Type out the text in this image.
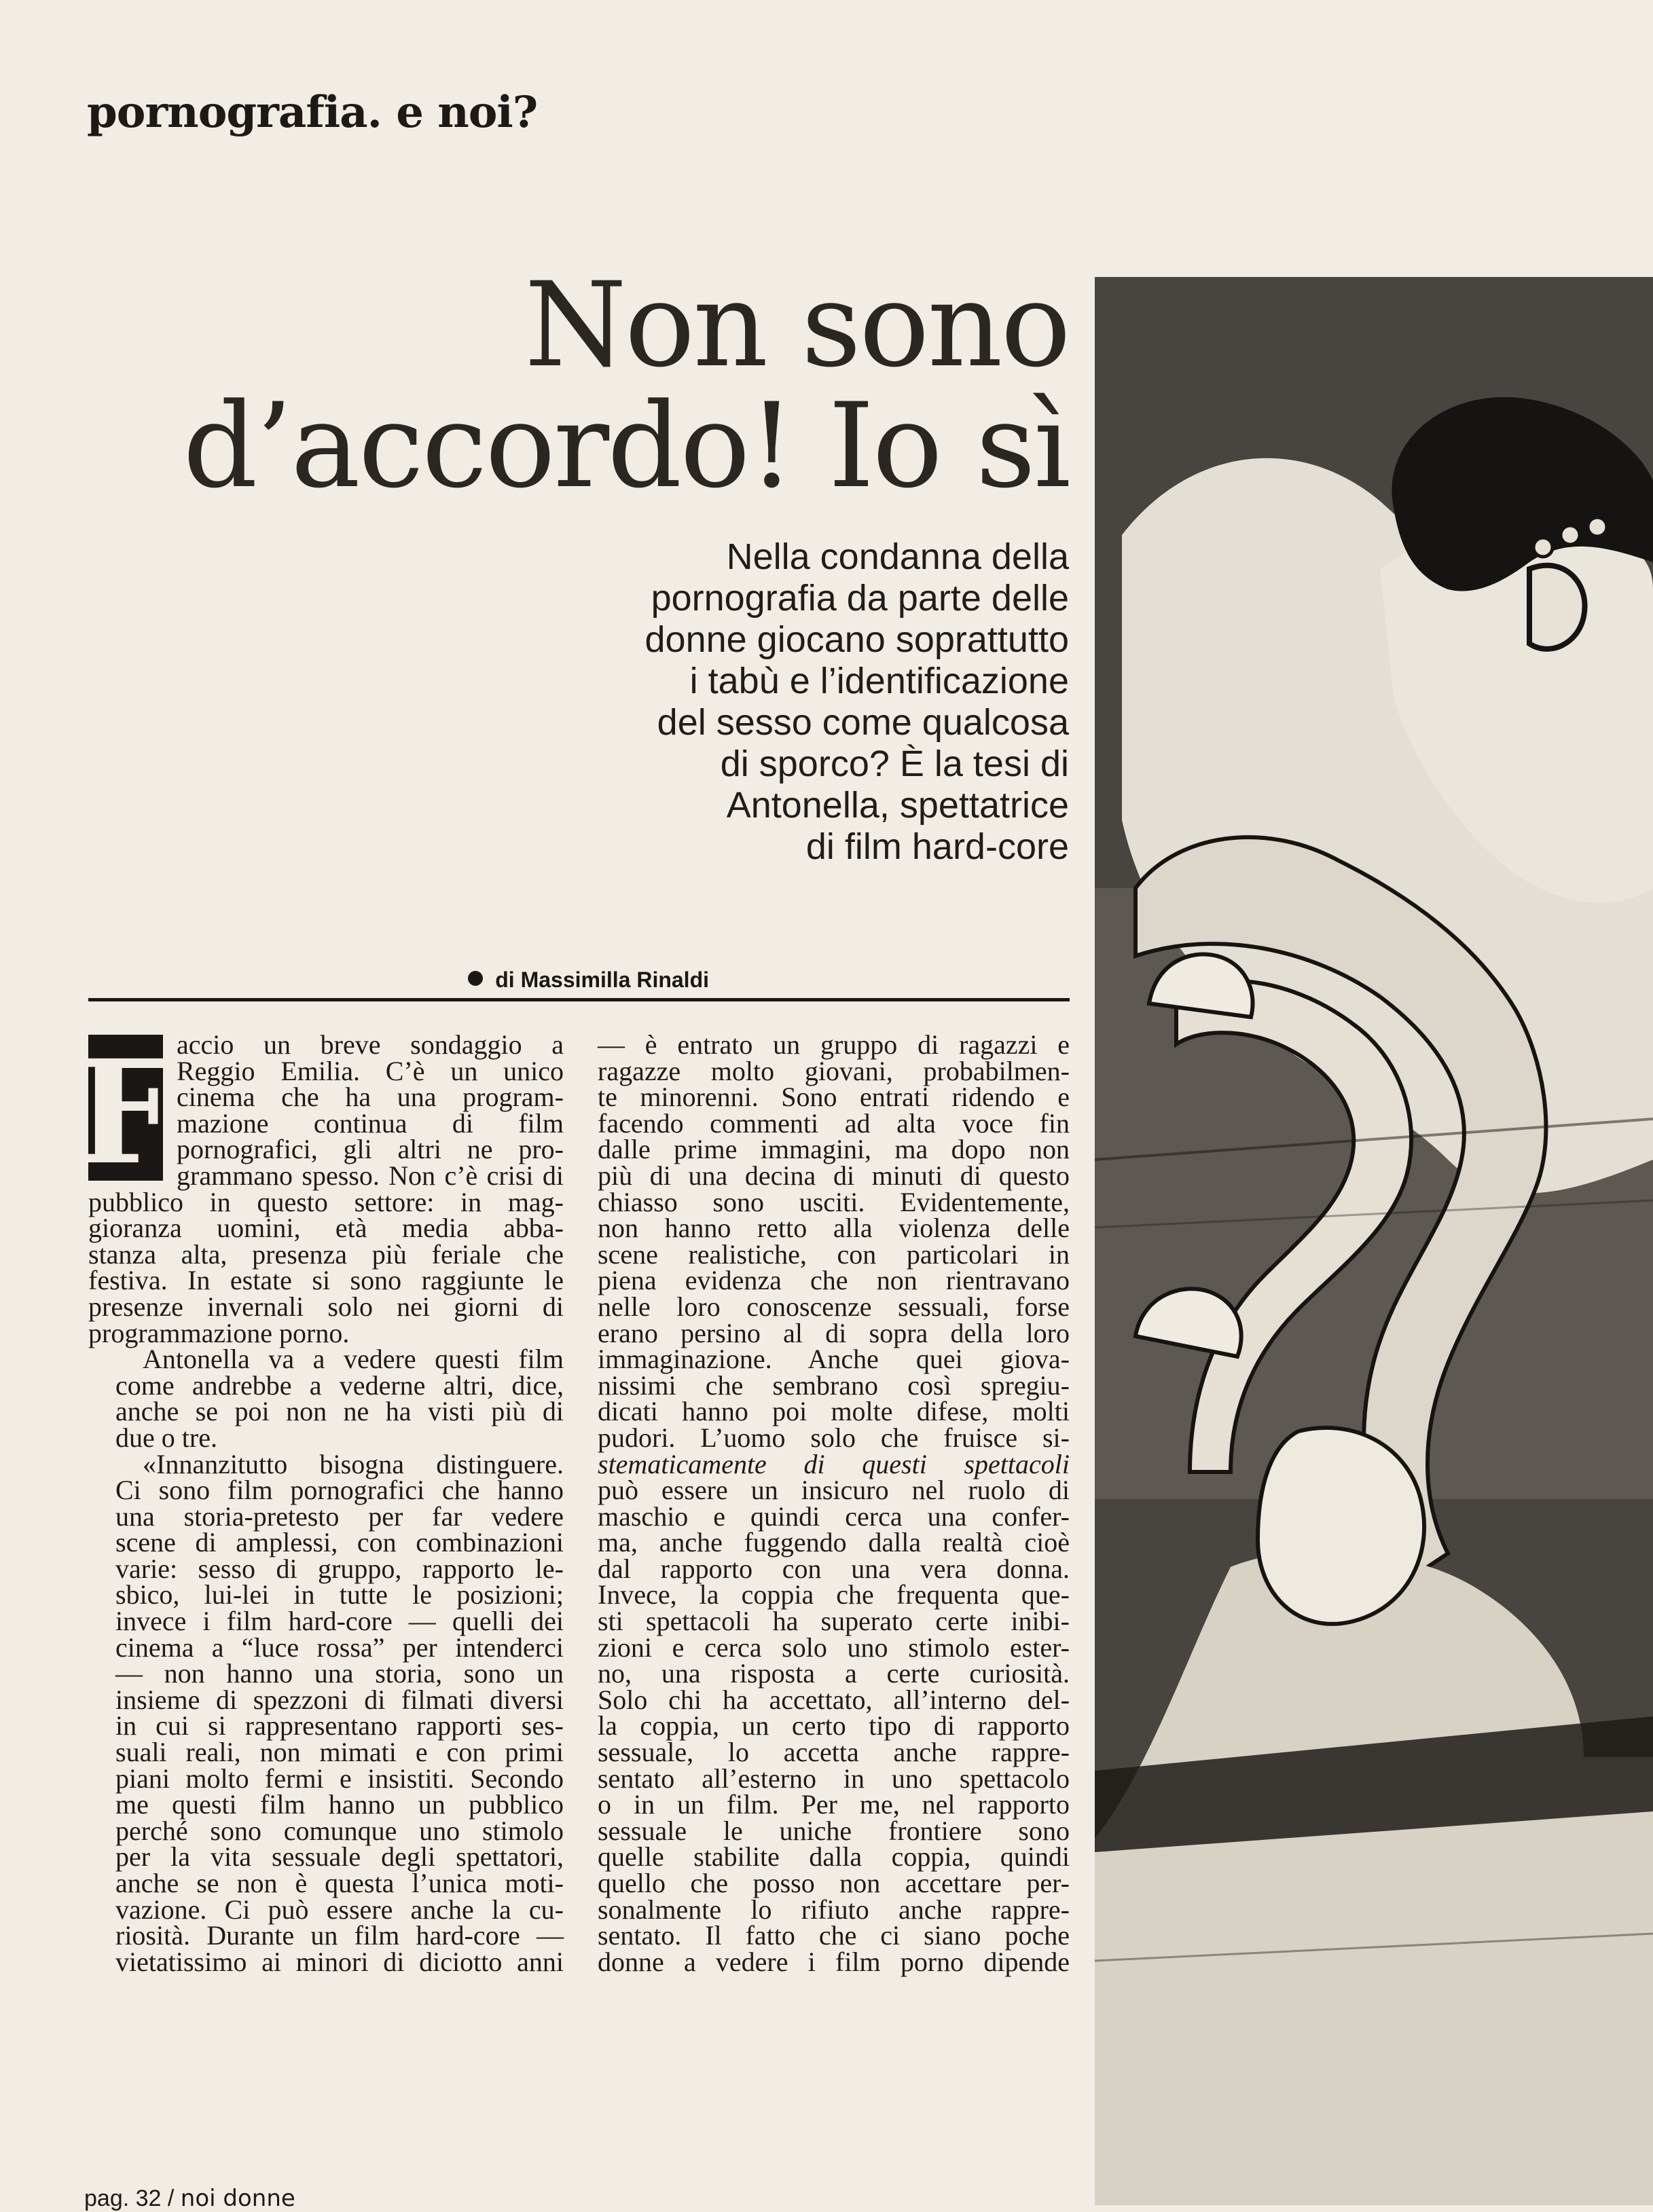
pornografia. e noi?
Non sono
d’accordo! Io sì
Nella condanna della
pornografia da parte delle
donne giocano soprattutto
i tabù e l’identificazione
del sesso come qualcosa
di sporco? È la tesi di
Antonella, spettatrice
di film hard-core
di Massimilla Rinaldi
F accio un breve sondaggio a
Reggio Emilia. C’è un unico
cinema che ha una program-
mazione continua di film
pornografici, gli altri ne pro-
grammano spesso. Non c’è crisi di
pubblico in questo settore: in mag-
gioranza uomini, età media abba-
stanza alta, presenza più feriale che
festiva. In estate si sono raggiunte le
presenze invernali solo nei giorni di
programmazione porno.

Antonella va a vedere questi film
come andrebbe a vederne altri, dice,
anche se poi non ne ha visti più di
due o tre.

«Innanzitutto bisogna distinguere.
Ci sono film pornografici che hanno
una storia-pretesto per far vedere
scene di amplessi, con combinazioni
varie: sesso di gruppo, rapporto le-
sbico, lui-lei in tutte le posizioni;
invece i film hard-core — quelli dei
cinema a “luce rossa” per intenderci
— non hanno una storia, sono un
insieme di spezzoni di filmati diversi
in cui si rappresentano rapporti ses-
suali reali, non mimati e con primi
piani molto fermi e insistiti. Secondo
me questi film hanno un pubblico
perché sono comunque uno stimolo
per la vita sessuale degli spettatori,
anche se non è questa l’unica moti-
vazione. Ci può essere anche la cu-
riosità. Durante un film hard-core —
vietatissimo ai minori di diciotto anni

— è entrato un gruppo di ragazzi e
ragazze molto giovani, probabilmen-
te minorenni. Sono entrati ridendo e
facendo commenti ad alta voce fin
dalle prime immagini, ma dopo non
più di una decina di minuti di questo
chiasso sono usciti. Evidentemente,
non hanno retto alla violenza delle
scene realistiche, con particolari in
piena evidenza che non rientravano
nelle loro conoscenze sessuali, forse
erano persino al di sopra della loro
immaginazione. Anche quei giova-
nissimi che sembrano così spregiu-
dicati hanno poi molte difese, molti
pudori. L’uomo solo che fruisce si-
stematicamente di questi spettacoli
può essere un insicuro nel ruolo di
maschio e quindi cerca una confer-
ma, anche fuggendo dalla realtà cioè
dal rapporto con una vera donna.
Invece, la coppia che frequenta que-
sti spettacoli ha superato certe inibi-
zioni e cerca solo uno stimolo ester-
no, una risposta a certe curiosità.
Solo chi ha accettato, all’interno del-
la coppia, un certo tipo di rapporto
sessuale, lo accetta anche rappre-
sentato all’esterno in uno spettacolo
o in un film. Per me, nel rapporto
sessuale le uniche frontiere sono
quelle stabilite dalla coppia, quindi
quello che posso non accettare per-
sonalmente lo rifiuto anche rappre-
sentato. Il fatto che ci siano poche
donne a vedere i film porno dipende

pag. 32 / noi donne
